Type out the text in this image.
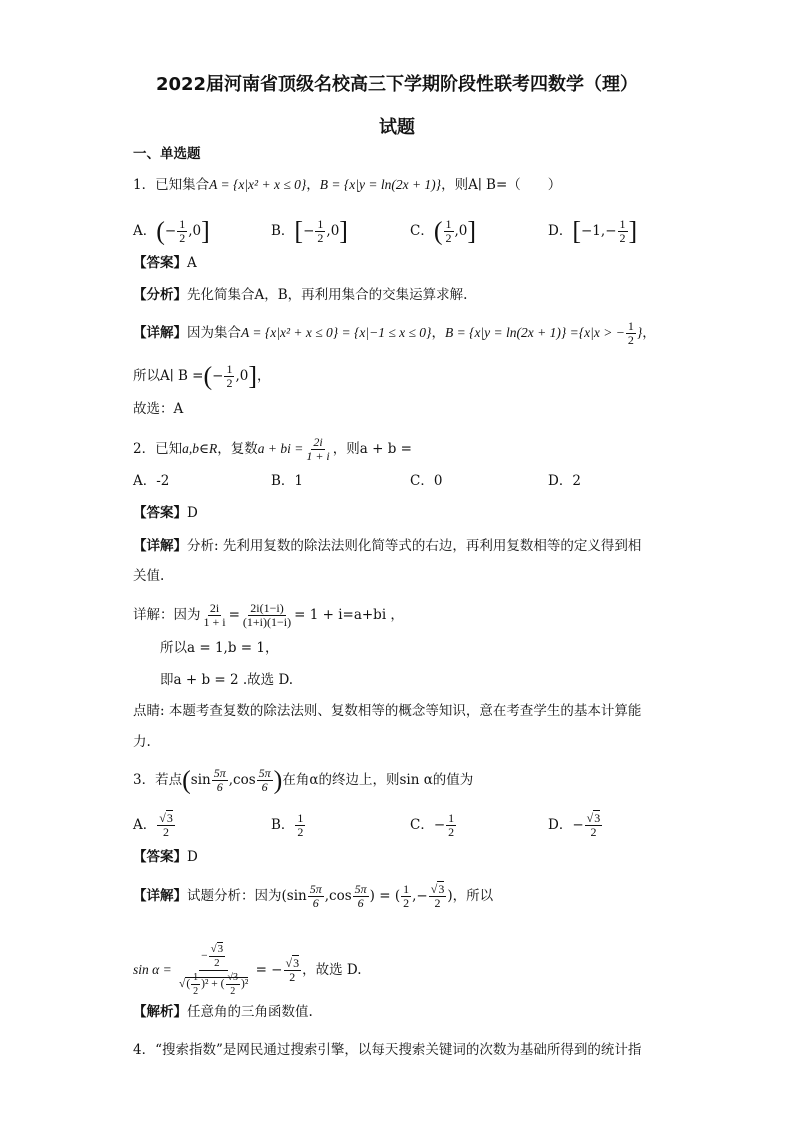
2022届河南省顶级名校高三下学期阶段性联考四数学（理）
试题
一、单选题
1．已知集合A = {x|x² + x ≤ 0}，B = {x|y = ln(2x + 1)}，则A∣ B=（　　）
A．(− $\frac{1}{2} ,0$]	B．[− $\frac{1}{2} ,0$]	C．( $\frac{1}{2} ,0$]	D．[$-1,- \frac{1}{2}$ ]
【答案】A
【分析】先化简集合A，B，再利用集合的交集运算求解.
【详解】因为集合A = {x|x² + x ≤ 0} = {x|−1 ≤ x ≤ 0}，B = {x|y = ln(2x + 1)} ={x|x > − $\frac{1}{2}$ }，
所以A∣ B =(− $\frac{1}{2} ,0$]，
故选：A
2．已知a,b∈R，复数a + bi = $\frac{2i}{1 + i}$ ，则a + b =
A．-2	B．1	C．0	D．2
【答案】D
【详解】分析: 先利用复数的除法法则化简等式的右边，再利用复数相等的定义得到相
关值.
详解：因为 $\frac{2i}{1 + i} = \frac{2i(1-i)}{(1+i)(1-i)} = 1 + i=a+bi$ ，
所以a = 1,b = 1，
即a + b = 2 .故选 D.
点睛: 本题考查复数的除法法则、复数相等的概念等知识，意在考查学生的基本计算能
力.
3．若点($\sin \frac{5\pi}{6} ,\cos \frac{5\pi}{6}$ )在角α的终边上，则sin α的值为
A． $\frac{√3}{2}$	B． $\frac{1}{2}$	C．− $\frac{1}{2}$	D．− $\frac{√3}{2}$
【答案】D
【详解】试题分析：因为($\sin \frac{5\pi}{6} ,\cos \frac{5\pi}{6}$ ) = ( $\frac{1}{2}$ ,− $\frac{√3}{2}$ )，所以
$\sin \alpha = \frac{- \frac{√3}{2}}{√( \frac{1}{2} )^2 + ( \frac{√3}{2} )^2}$ = − $\frac{√3}{2}$ ，故选 D.
【解析】任意角的三角函数值.
4．“搜索指数”是网民通过搜索引擎，以每天搜索关键词的次数为基础所得到的统计指
